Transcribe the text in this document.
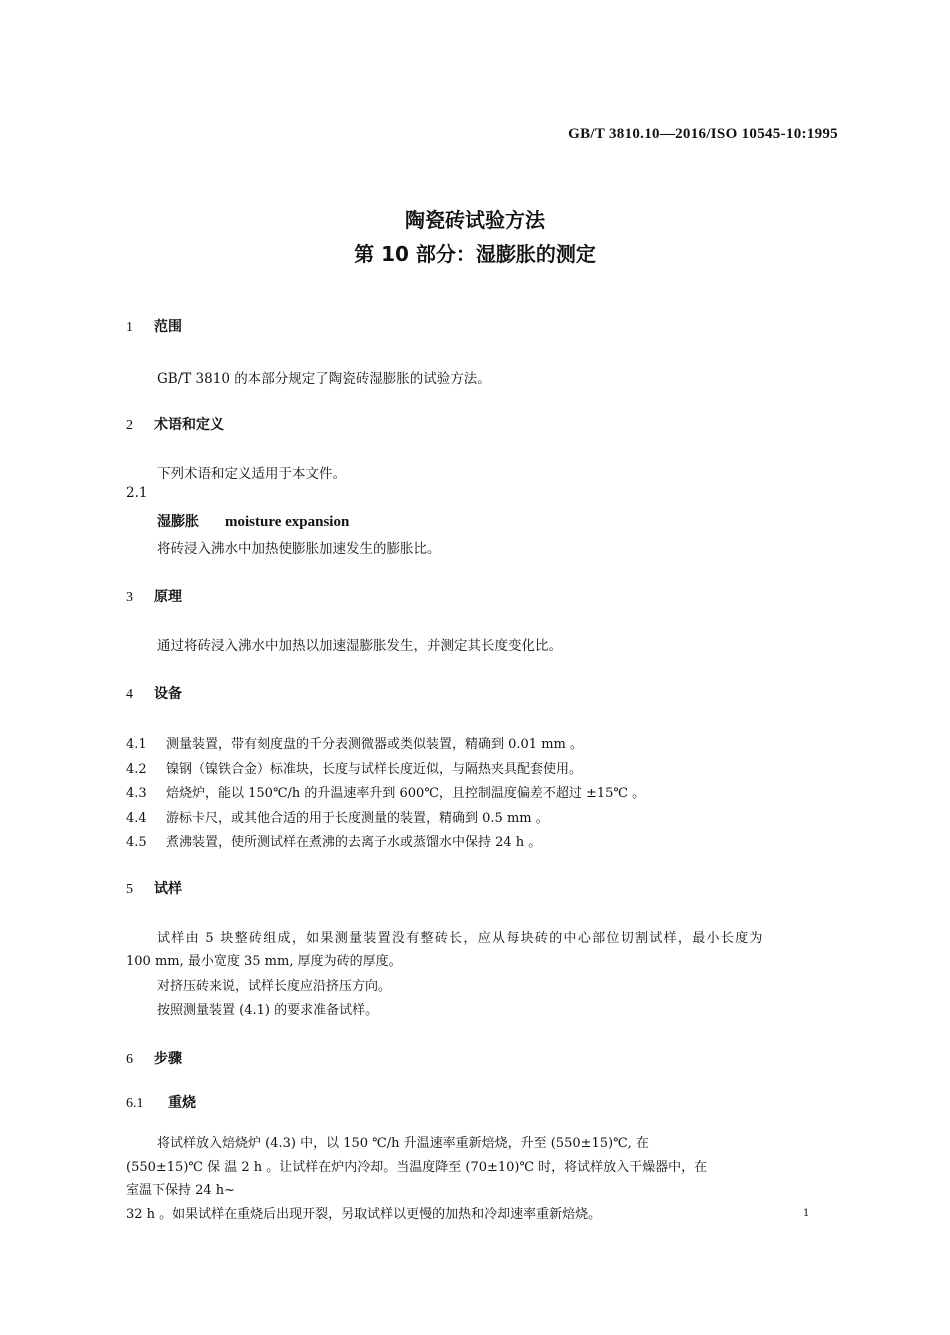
GB/T 3810.10—2016/ISO 10545-10:1995
陶瓷砖试验方法
第 10 部分：湿膨胀的测定
1 范围
GB/T 3810 的本部分规定了陶瓷砖湿膨胀的试验方法。
2 术语和定义
下列术语和定义适用于本文件。
2.1
湿膨胀 moisture expansion
将砖浸入沸水中加热使膨胀加速发生的膨胀比。
3 原理
通过将砖浸入沸水中加热以加速湿膨胀发生，并测定其长度变化比。
4 设备
4.1 测量装置，带有刻度盘的千分表测微器或类似装置，精确到 0.01 mm 。
4.2 镍钢（镍铁合金）标准块，长度与试样长度近似，与隔热夹具配套使用。
4.3 焙烧炉，能以 150℃/h 的升温速率升到 600℃，且控制温度偏差不超过 ±15℃ 。
4.4 游标卡尺，或其他合适的用于长度测量的装置，精确到 0.5 mm 。
4.5 煮沸装置，使所测试样在煮沸的去离子水或蒸馏水中保持 24 h 。
5 试样
试样由 5 块整砖组成，如果测量装置没有整砖长，应从每块砖的中心部位切割试样，最小长度为
100 mm, 最小宽度 35 mm, 厚度为砖的厚度。
对挤压砖来说，试样长度应沿挤压方向。
按照测量装置 (4.1) 的要求准备试样。
6 步骤
6.1 重烧
将试样放入焙烧炉 (4.3) 中，以 150 ℃/h 升温速率重新焙烧，升至 (550±15)℃, 在
(550±15)℃ 保 温 2 h 。让试样在炉内冷却。当温度降至 (70±10)℃ 时，将试样放入干燥器中，在
室温下保持 24 h~
32 h 。如果试样在重烧后出现开裂，另取试样以更慢的加热和冷却速率重新焙烧。	1
